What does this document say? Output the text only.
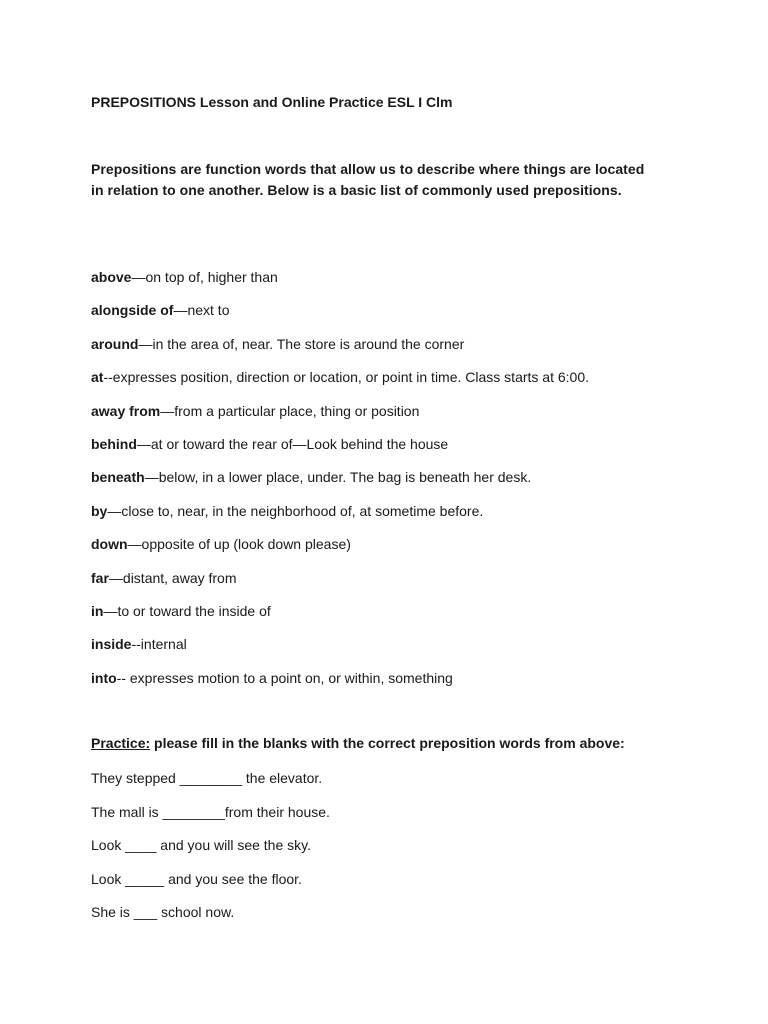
PREPOSITIONS Lesson and Online Practice ESL I Clm
Prepositions are function words that allow us to describe where things are located in relation to one another. Below is a basic list of commonly used prepositions.
above—on top of, higher than
alongside of—next to
around—in the area of, near. The store is around the corner
at--expresses position, direction or location, or point in time. Class starts at 6:00.
away from—from a particular place, thing or position
behind—at or toward the rear of—Look behind the house
beneath—below, in a lower place, under. The bag is beneath her desk.
by—close to, near, in the neighborhood of, at sometime before.
down—opposite of up (look down please)
far—distant, away from
in—to or toward the inside of
inside--internal
into-- expresses motion to a point on, or within, something
Practice: please fill in the blanks with the correct preposition words from above:
They stepped ________ the elevator.
The mall is ________from their house.
Look ____ and you will see the sky.
Look _____ and you see the floor.
She is ___ school now.
